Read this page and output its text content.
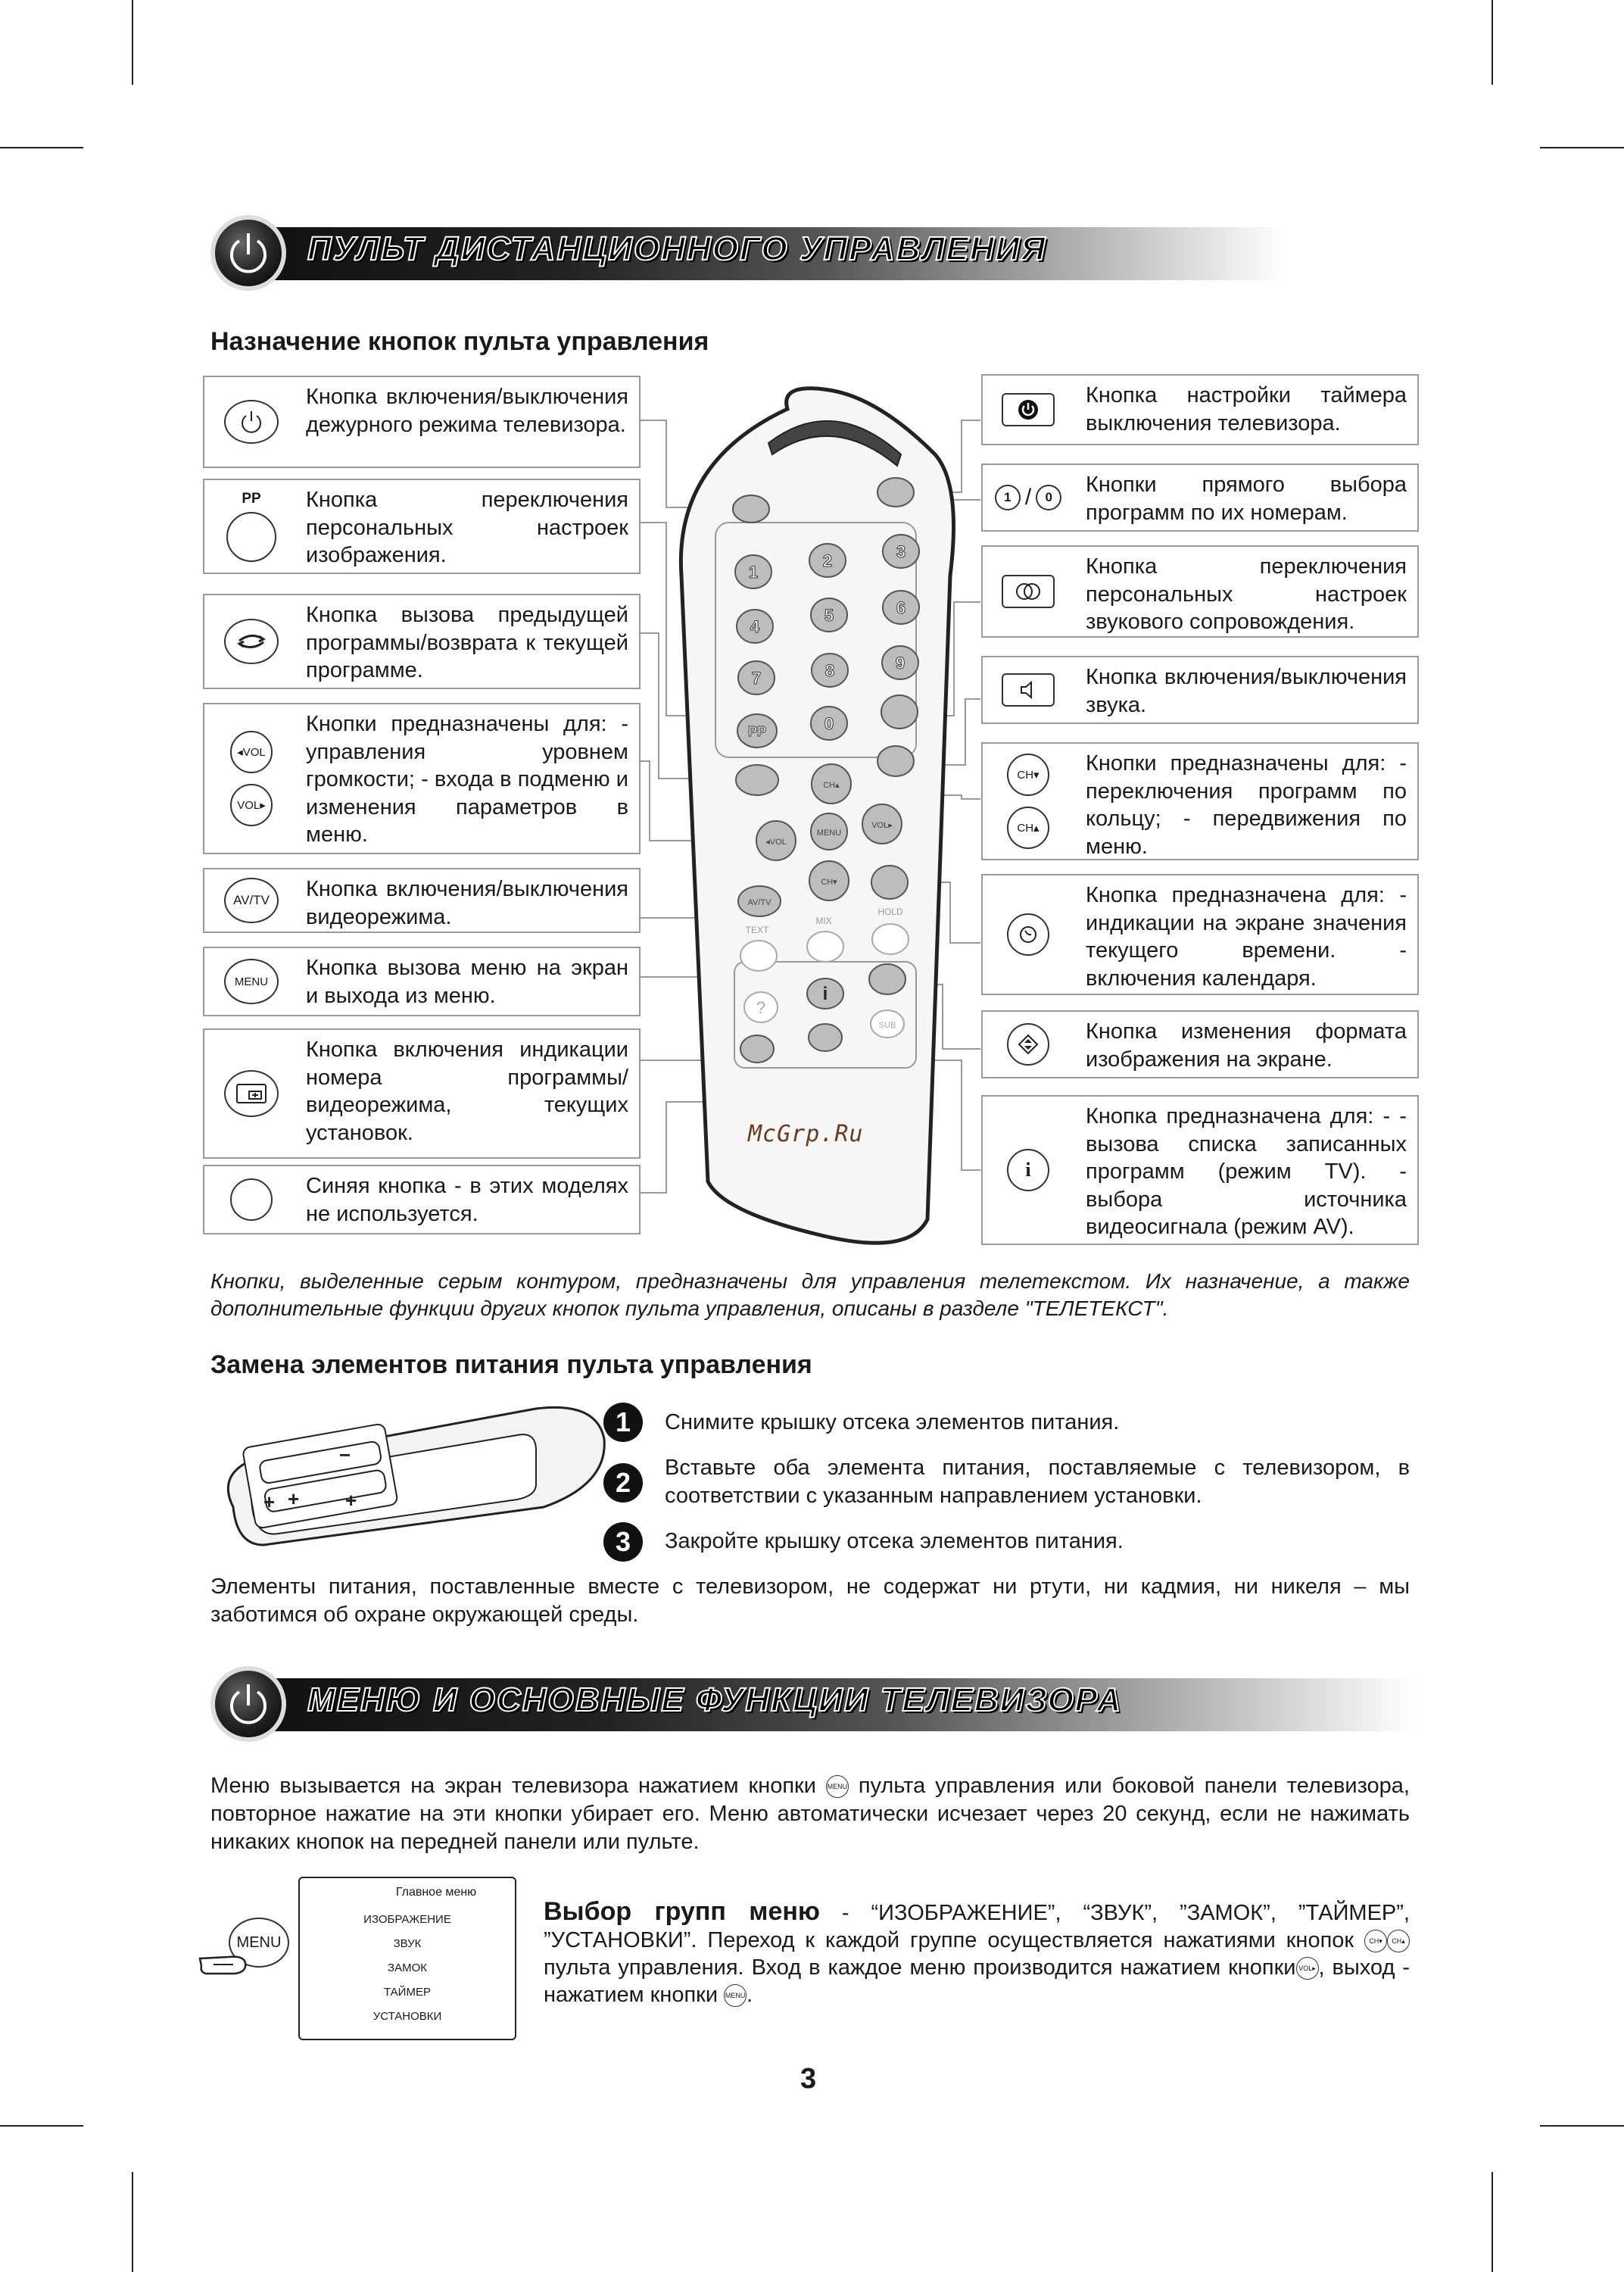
ПУЛЬТ ДИСТАНЦИОННОГО УПРАВЛЕНИЯ
Назначение кнопок пульта управления
1
2	3
4
5	6
7	8	9
PP	0
CH▴
◂VOL
MENU
VOL▸
CH▾
AV/TV
TEXT
MIX
HOLD
?
i
SUB
McGrp.Ru
Кнопка включения/выключения дежурного режима телевизора.
PP Кнопка переключения персональных настроек изображения.
Кнопка вызова предыдущей программы/возврата к текущей программе.
◂VOL
VOL▸
Кнопки предназначены для: - управления уровнем громкости; - входа в подменю и изменения параметров в меню.
AV/TV	Кнопка включения/выключения видеорежима.
MENU
Кнопка вызова меню на экран и выхода из меню.
Кнопка включения индикации номера программы/видеорежима, текущих установок.
Синяя кнопка - в этих моделях не используется.
Кнопка настройки таймера выключения телевизора.
1 /	0
Кнопки прямого выбора программ по их номерам.
Кнопка переключения персональных настроек звукового сопровождения.
Кнопка включения/выключения звука.
CH▾
CH▴
Кнопки предназначены для: - переключения программ по кольцу; - передвижения по меню.
Кнопка предназначена для: - индикации на экране значения текущего времени. - включения календаря.
Кнопка изменения формата изображения на экране.
i
Кнопка предназначена для: - - вызова списка записанных программ (режим TV). - выбора источника видеосигнала (режим AV).

Кнопки, выделенные серым контуром, предназначены для управления телетекстом. Их назначение, а также дополнительные функции других кнопок пульта управления, описаны в разделе "ТЕЛЕТЕКСТ".

Замена элементов питания пульта управления
+ +
−
+
1	Снимите крышку отсека элементов питания.

2	Вставьте оба элемента питания, поставляемые с телевизором, в соответствии с указанным направлением установки.

3	Закройте крышку отсека элементов питания.

Элементы питания, поставленные вместе с телевизором, не содержат ни ртути, ни кадмия, ни никеля – мы заботимся об охране окружающей среды.

МЕНЮ И ОСНОВНЫЕ ФУНКЦИИ ТЕЛЕВИЗОРА

Меню вызывается на экран телевизора нажатием кнопки MENU пульта управления или боковой панели телевизора, повторное нажатие на эти кнопки убирает его. Меню автоматически исчезает через 20 секунд, если не нажимать никаких кнопок на передней панели или пульте.

MENU
Главное меню
ИЗОБРАЖЕНИЕ
ЗВУК
ЗАМОК
ТАЙМЕР
УСТАНОВКИ

Выбор групп меню - “ИЗОБРАЖЕНИЕ”, “ЗВУК”, ”ЗАМОК”, ”ТАЙМЕР”, ”УСТАНОВКИ”. Переход к каждой группе осуществляется нажатиями кнопок CH▾ CH▴ пульта управления. Вход в каждое меню производится нажатием кнопки VOL▸ , выход - нажатием кнопки MENU.

3
